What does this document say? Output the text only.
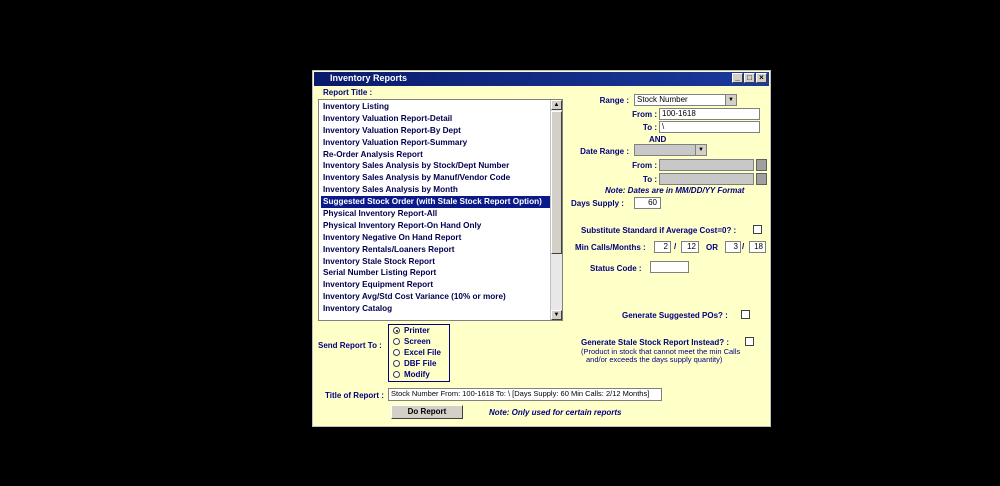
Inventory Reports	_ □ ×
Report Title :
Inventory Listing
Inventory Valuation Report-Detail
Inventory Valuation Report-By Dept
Inventory Valuation Report-Summary
Re-Order Analysis Report
Inventory Sales Analysis by Stock/Dept Number
Inventory Sales Analysis by Manuf/Vendor Code
Inventory Sales Analysis by Month
Suggested Stock Order (with Stale Stock Report Option)
Physical Inventory Report-All
Physical Inventory Report-On Hand Only
Inventory Negative On Hand Report
Inventory Rentals/Loaners Report
Inventory Stale Stock Report
Serial Number Listing Report
Inventory Equipment Report
Inventory Avg/Std Cost Variance (10% or more)
Inventory Catalog
▲
▼
Range :	Stock Number	▼
From : 100-1618
To : \
AND
Date Range :	▼
From :
To :
Note: Dates are in MM/DD/YY Format
Days Supply :	60
Substitute Standard if Average Cost=0? :
Min Calls/Months :	2 /	12	OR	3 /	18
Status Code :
Generate Suggested POs? :
Generate Stale Stock Report Instead? :
(Product in stock that cannot meet the min Calls
and/or exceeds the days supply quantity)
Send Report To :
Printer
Screen
Excel File
DBF File
Modify
Title of Report : Stock Number From: 100-1618 To: \ [Days Supply: 60 Min Calls: 2/12 Months]
Do Report	Note: Only used for certain reports
